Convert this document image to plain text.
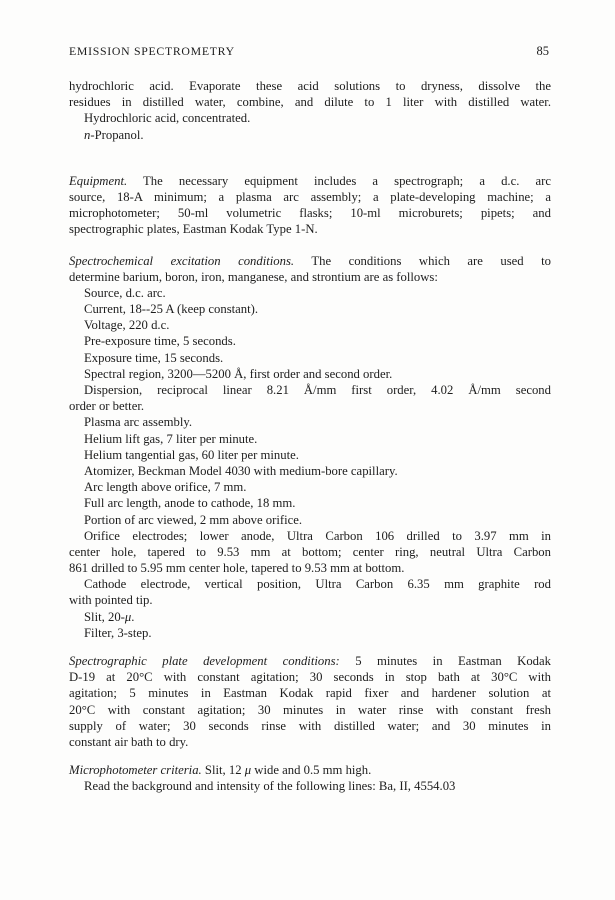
EMISSION SPECTROMETRY	85
hydrochloric acid. Evaporate these acid solutions to dryness, dissolve the
residues in distilled water, combine, and dilute to 1 liter with distilled water.
Hydrochloric acid, concentrated.
n-Propanol.
Equipment. The necessary equipment includes a spectrograph; a d.c. arc
source, 18-A minimum; a plasma arc assembly; a plate-developing machine; a
microphotometer; 50-ml volumetric flasks; 10-ml microburets; pipets; and
spectrographic plates, Eastman Kodak Type 1-N.
Spectrochemical excitation conditions. The conditions which are used to
determine barium, boron, iron, manganese, and strontium are as follows:
Source, d.c. arc.
Current, 18--25 A (keep constant).
Voltage, 220 d.c.
Pre-exposure time, 5 seconds.
Exposure time, 15 seconds.
Spectral region, 3200—5200 Å, first order and second order.
Dispersion, reciprocal linear 8.21 Å/mm first order, 4.02 Å/mm second
order or better.
Plasma arc assembly.
Helium lift gas, 7 liter per minute.
Helium tangential gas, 60 liter per minute.
Atomizer, Beckman Model 4030 with medium-bore capillary.
Arc length above orifice, 7 mm.
Full arc length, anode to cathode, 18 mm.
Portion of arc viewed, 2 mm above orifice.
Orifice electrodes; lower anode, Ultra Carbon 106 drilled to 3.97 mm in
center hole, tapered to 9.53 mm at bottom; center ring, neutral Ultra Carbon
861 drilled to 5.95 mm center hole, tapered to 9.53 mm at bottom.
Cathode electrode, vertical position, Ultra Carbon 6.35 mm graphite rod
with pointed tip.
Slit, 20-μ.
Filter, 3-step.
Spectrographic plate development conditions: 5 minutes in Eastman Kodak
D-19 at 20°C with constant agitation; 30 seconds in stop bath at 30°C with
agitation; 5 minutes in Eastman Kodak rapid fixer and hardener solution at
20°C with constant agitation; 30 minutes in water rinse with constant fresh
supply of water; 30 seconds rinse with distilled water; and 30 minutes in
constant air bath to dry.
Microphotometer criteria. Slit, 12 μ wide and 0.5 mm high.
Read the background and intensity of the following lines: Ba, II, 4554.03
